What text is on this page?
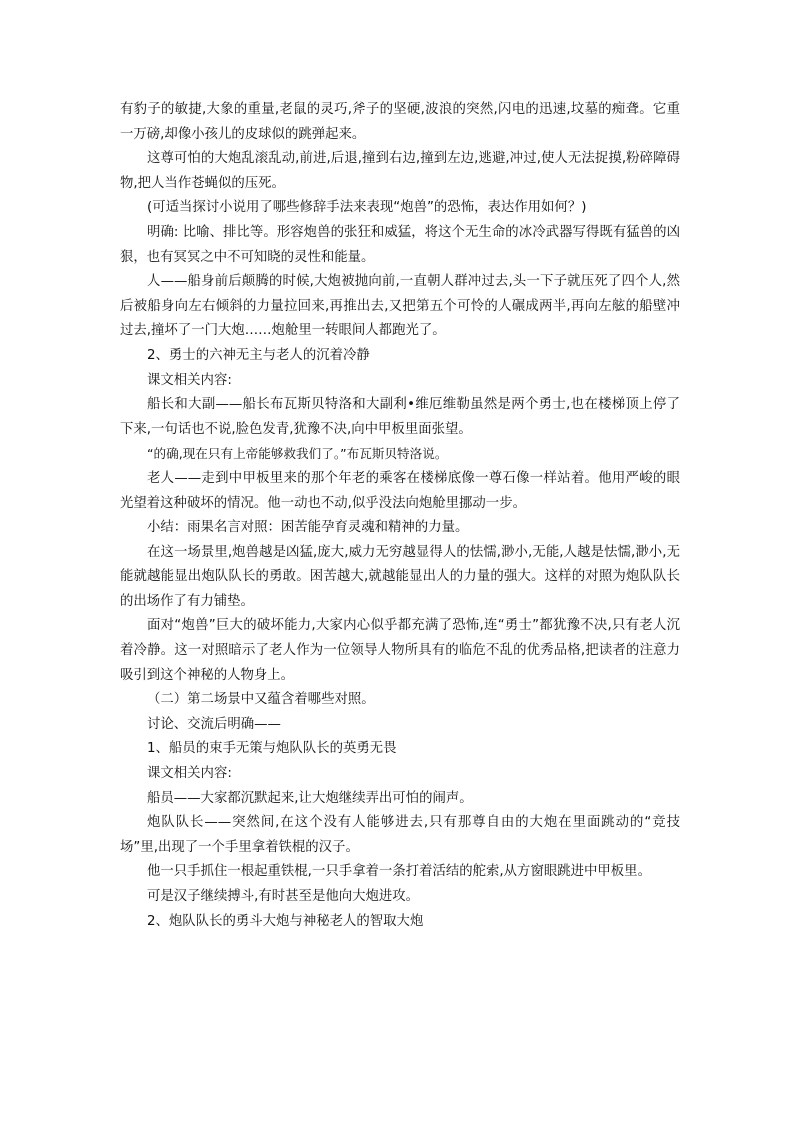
有豹子的敏捷,大象的重量,老鼠的灵巧,斧子的坚硬,波浪的突然,闪电的迅速,坟墓的痴聋。它重一万磅,却像小孩儿的皮球似的跳弹起来。

这尊可怕的大炮乱滚乱动,前进,后退,撞到右边,撞到左边,逃避,冲过,使人无法捉摸,粉碎障碍物,把人当作苍蝇似的压死。

(可适当探讨小说用了哪些修辞手法来表现“炮兽”的恐怖，表达作用如何？)

明确: 比喻、排比等。形容炮兽的张狂和威猛，将这个无生命的冰冷武器写得既有猛兽的凶狠，也有冥冥之中不可知晓的灵性和能量。

人——船身前后颠腾的时候,大炮被抛向前,一直朝人群冲过去,头一下子就压死了四个人,然后被船身向左右倾斜的力量拉回来,再推出去,又把第五个可怜的人碾成两半,再向左舷的船壁冲过去,撞坏了一门大炮……炮舱里一转眼间人都跑光了。

2、勇士的六神无主与老人的沉着冷静

课文相关内容:

船长和大副——船长布瓦斯贝特洛和大副利•维厄维勒虽然是两个勇士,也在楼梯顶上停了下来,一句话也不说,脸色发青,犹豫不决,向中甲板里面张望。

“的确,现在只有上帝能够救我们了。”布瓦斯贝特洛说。

老人——走到中甲板里来的那个年老的乘客在楼梯底像一尊石像一样站着。他用严峻的眼光望着这种破坏的情况。他一动也不动,似乎没法向炮舱里挪动一步。

小结：雨果名言对照：困苦能孕育灵魂和精神的力量。

在这一场景里,炮兽越是凶猛,庞大,威力无穷越显得人的怯懦,渺小,无能,人越是怯懦,渺小,无能就越能显出炮队队长的勇敢。困苦越大,就越能显出人的力量的强大。这样的对照为炮队队长的出场作了有力铺垫。

面对“炮兽”巨大的破坏能力,大家内心似乎都充满了恐怖,连“勇士”都犹豫不决,只有老人沉着冷静。这一对照暗示了老人作为一位领导人物所具有的临危不乱的优秀品格,把读者的注意力吸引到这个神秘的人物身上。

（二）第二场景中又蕴含着哪些对照。

讨论、交流后明确——

1、船员的束手无策与炮队队长的英勇无畏

课文相关内容:

船员——大家都沉默起来,让大炮继续弄出可怕的闹声。

炮队队长——突然间,在这个没有人能够进去,只有那尊自由的大炮在里面跳动的“竞技场”里,出现了一个手里拿着铁棍的汉子。

他一只手抓住一根起重铁棍,一只手拿着一条打着活结的舵索,从方窗眼跳进中甲板里。

可是汉子继续搏斗,有时甚至是他向大炮进攻。

2、炮队队长的勇斗大炮与神秘老人的智取大炮
